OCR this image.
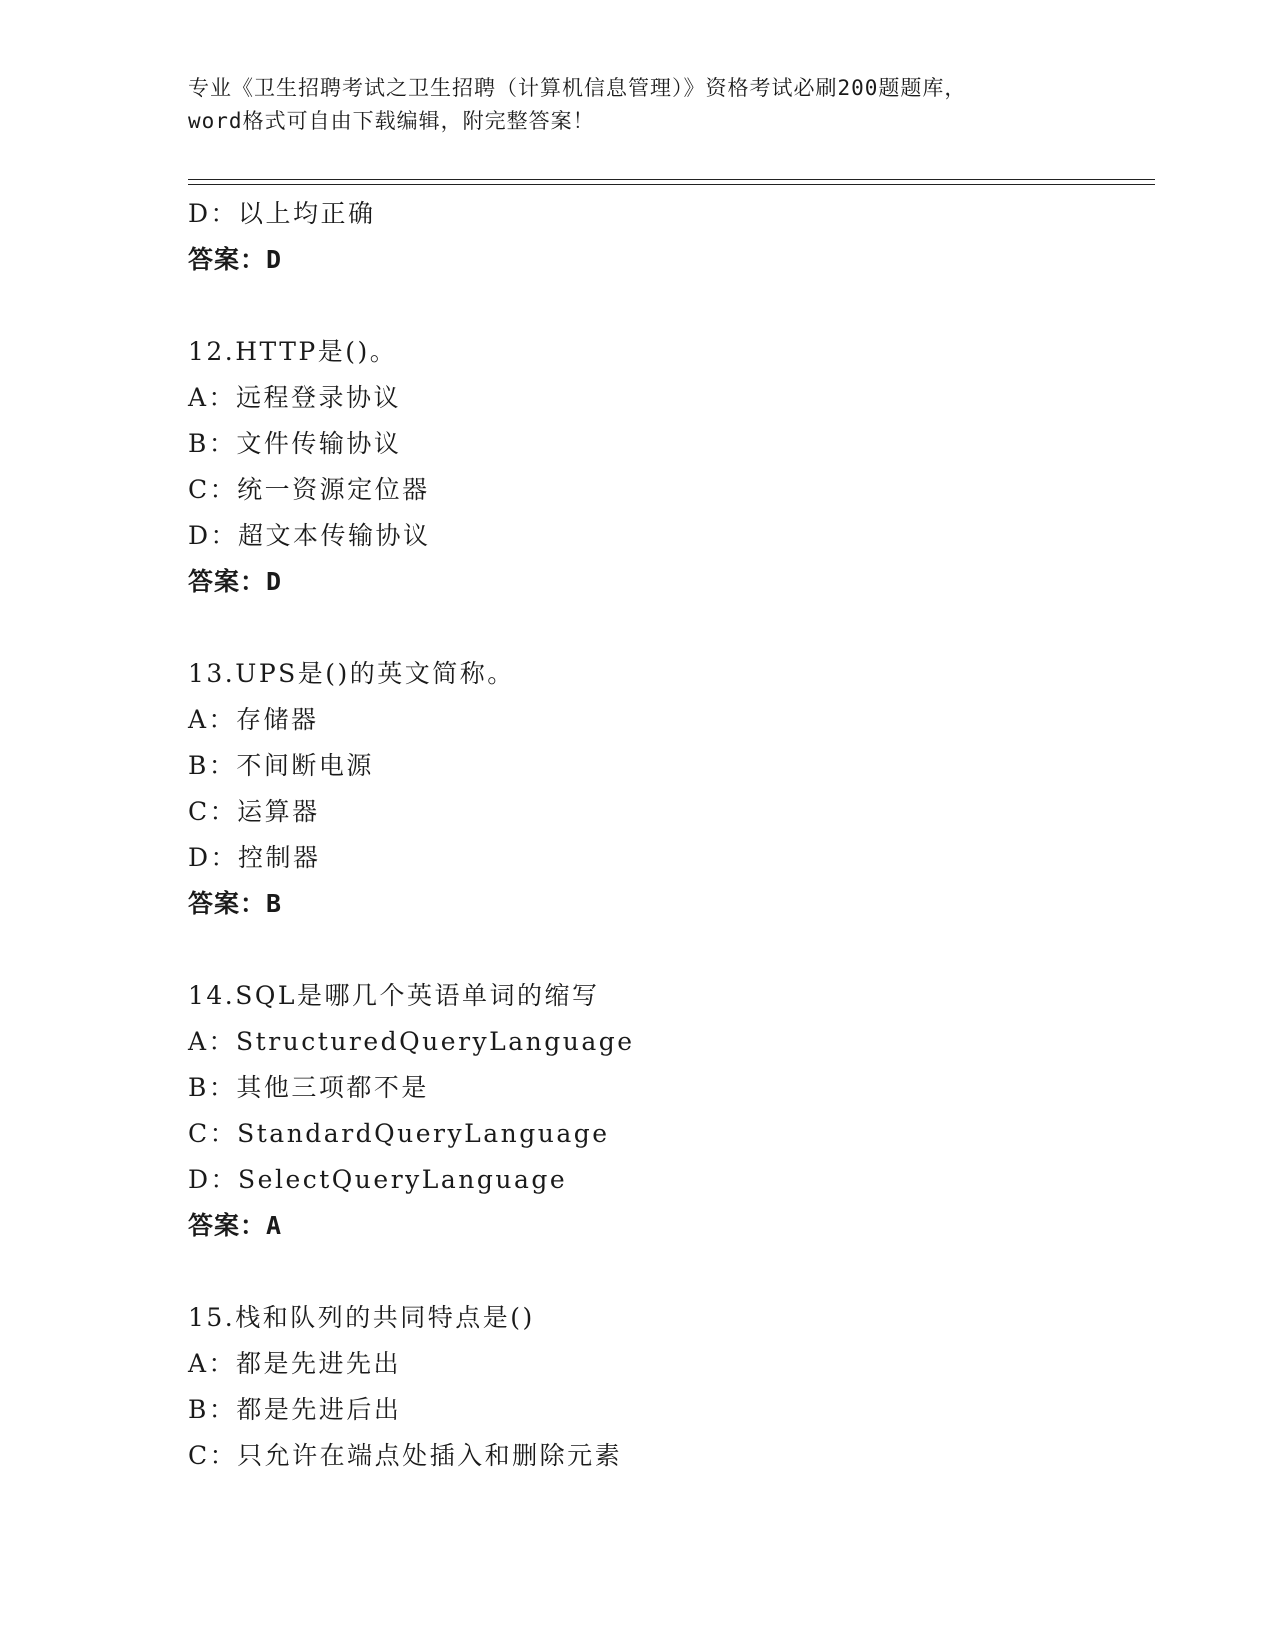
专业《卫生招聘考试之卫生招聘（计算机信息管理）》资格考试必刷200题题库，
word格式可自由下载编辑，附完整答案！
D：以上均正确
答案：D
12.HTTP是()。
A：远程登录协议
B：文件传输协议
C：统一资源定位器
D：超文本传输协议
答案：D
13.UPS是()的英文简称。
A：存储器
B：不间断电源
C：运算器
D：控制器
答案：B
14.SQL是哪几个英语单词的缩写
A：StructuredQueryLanguage
B：其他三项都不是
C：StandardQueryLanguage
D：SelectQueryLanguage
答案：A
15.栈和队列的共同特点是()
A：都是先进先出
B：都是先进后出
C：只允许在端点处插入和删除元素
